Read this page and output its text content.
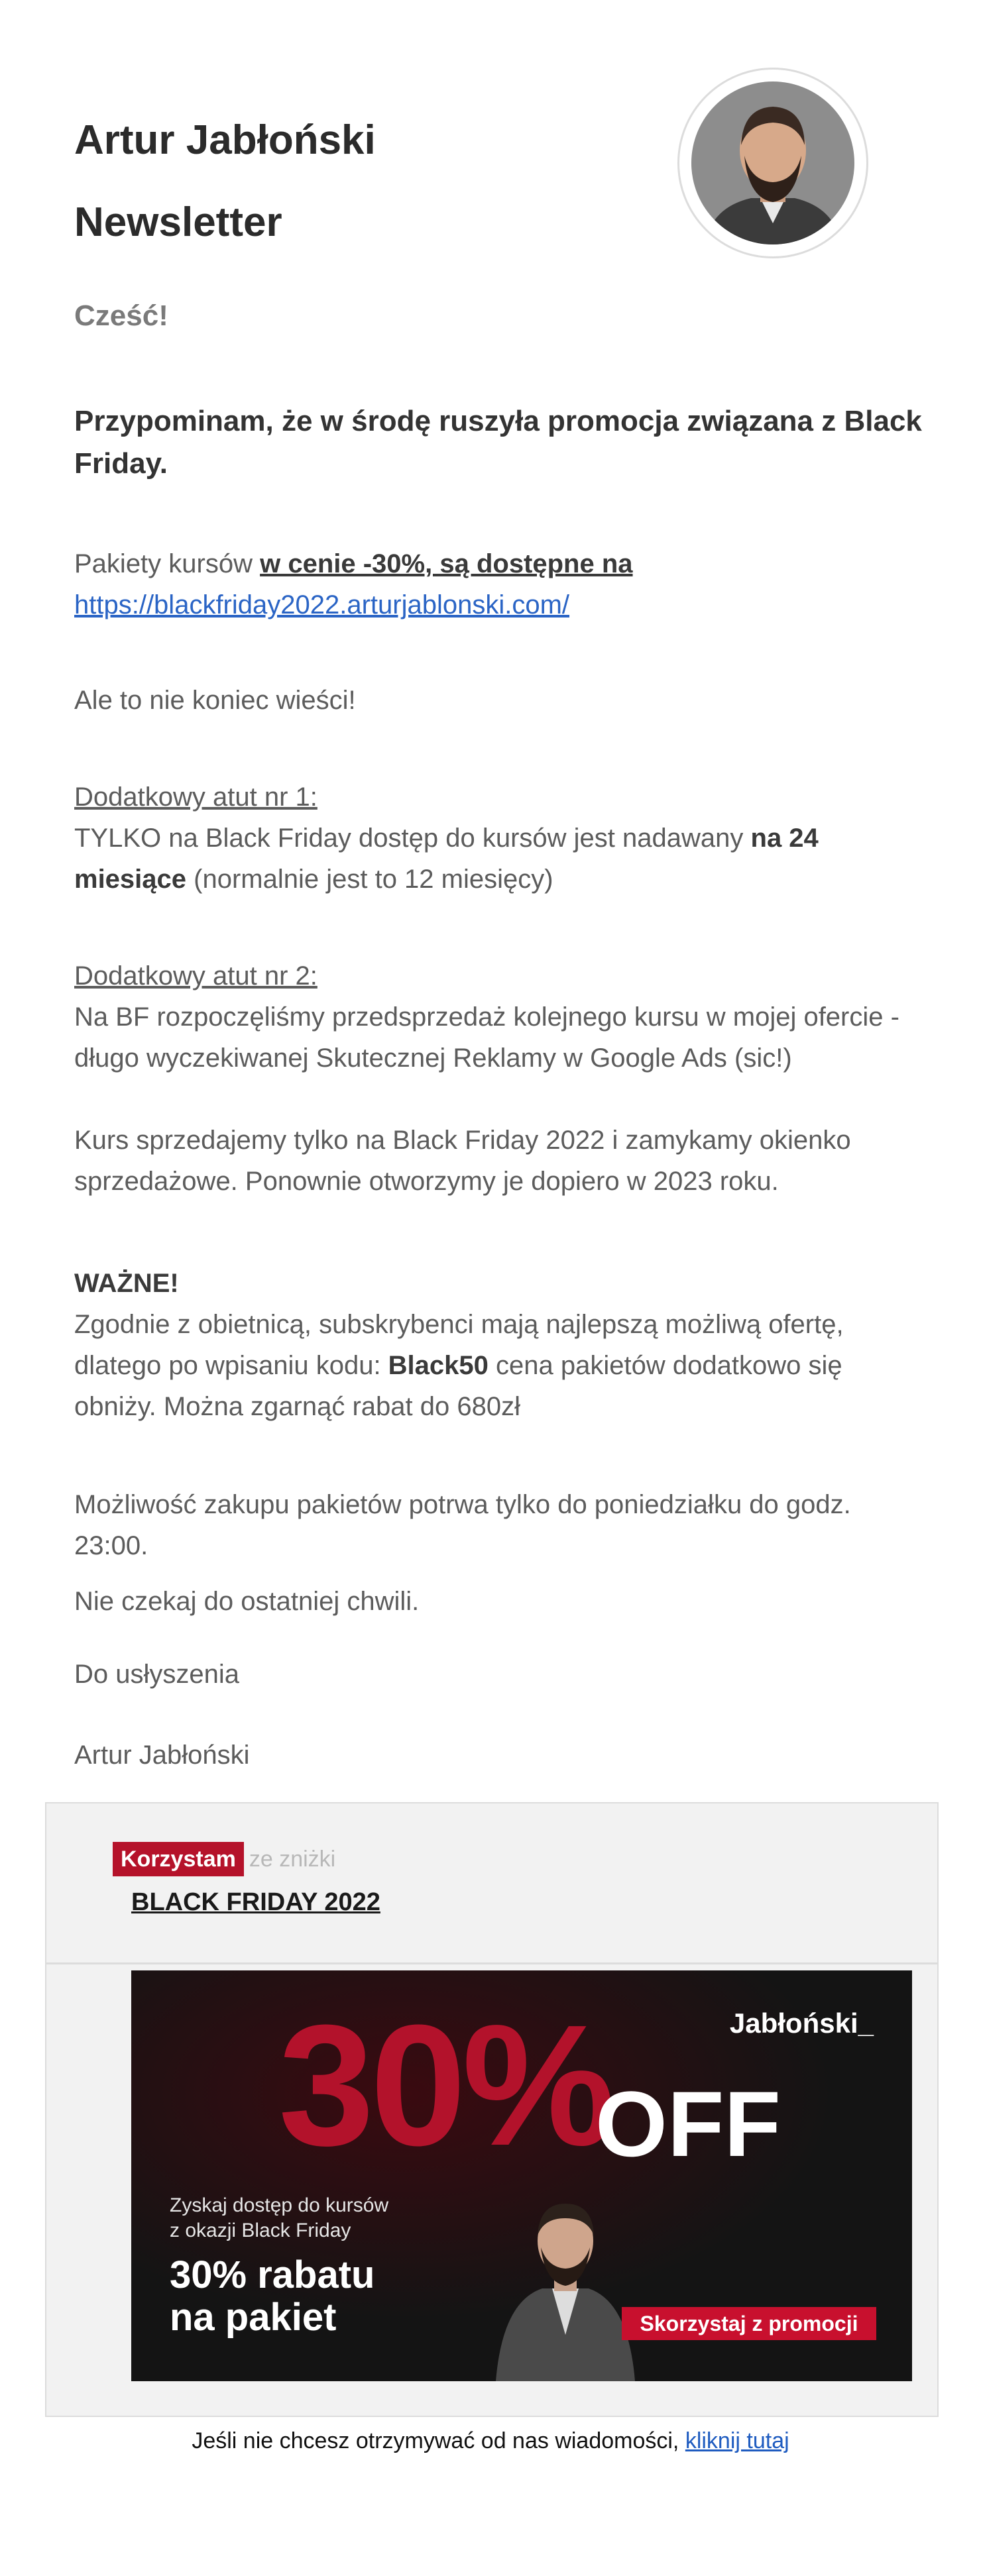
Artur Jabłoński
Newsletter
Cześć!
Przypominam, że w środę ruszyła promocja związana z Black Friday.
Pakiety kursów w cenie -30%, są dostępne na
https://blackfriday2022.arturjablonski.com/
Ale to nie koniec wieści!
Dodatkowy atut nr 1:
TYLKO na Black Friday dostęp do kursów jest nadawany na 24 miesiące (normalnie jest to 12 miesięcy)
Dodatkowy atut nr 2:
Na BF rozpoczęliśmy przedsprzedaż kolejnego kursu w mojej ofercie - długo wyczekiwanej Skutecznej Reklamy w Google Ads (sic!)
Kurs sprzedajemy tylko na Black Friday 2022 i zamykamy okienko sprzedażowe. Ponownie otworzymy je dopiero w 2023 roku.
WAŻNE!
Zgodnie z obietnicą, subskrybenci mają najlepszą możliwą ofertę, dlatego po wpisaniu kodu: Black50 cena pakietów dodatkowo się obniży. Można zgarnąć rabat do 680zł
Możliwość zakupu pakietów potrwa tylko do poniedziałku do godz. 23:00.
Nie czekaj do ostatniej chwili.
Do usłyszenia
Artur Jabłoński
Korzystam ze zniżki
BLACK FRIDAY 2022
30%
OFF
Jabłoński_
Zyskaj dostęp do kursów
z okazji Black Friday
30% rabatu
na pakiet	Skorzystaj z promocji
Jeśli nie chcesz otrzymywać od nas wiadomości, kliknij tutaj
